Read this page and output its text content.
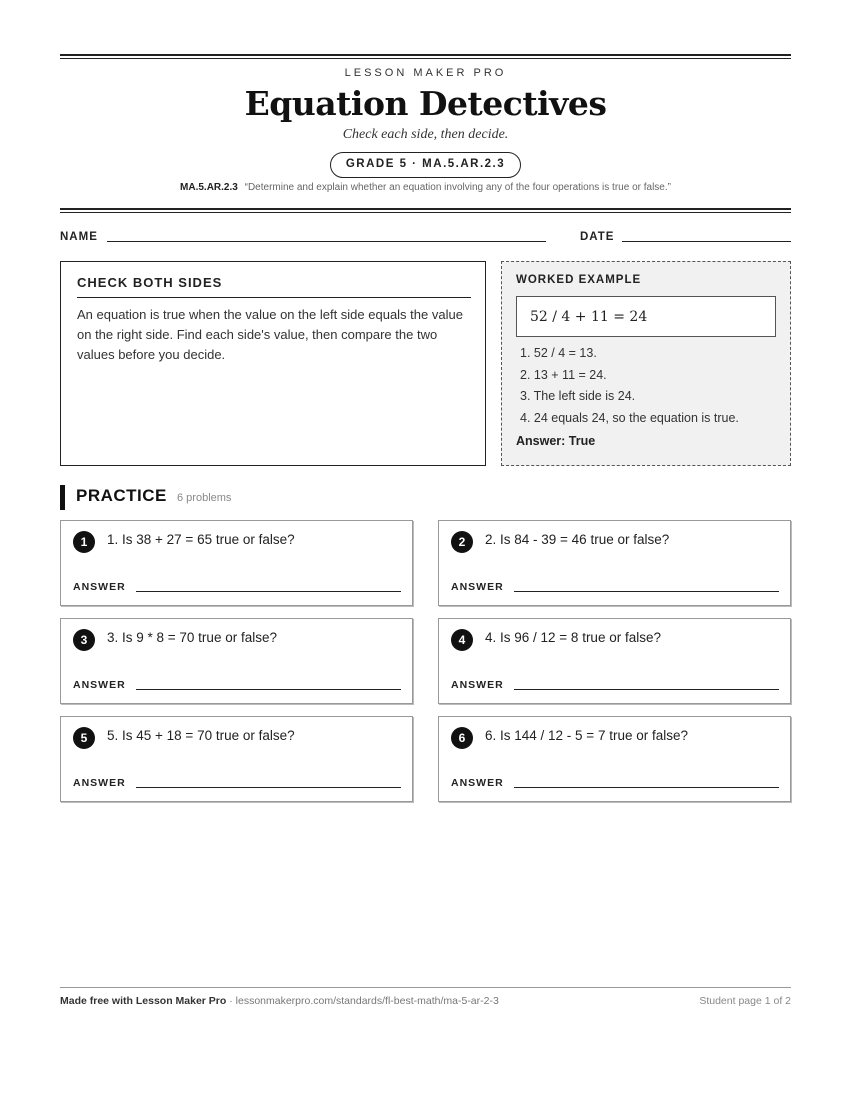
LESSON MAKER PRO
Equation Detectives
Check each side, then decide.
GRADE 5 · MA.5.AR.2.3
MA.5.AR.2.3 “Determine and explain whether an equation involving any of the four operations is true or false.”
NAME	DATE
CHECK BOTH SIDES
An equation is true when the value on the left side equals the value on the right side. Find each side's value, then compare the two values before you decide.
WORKED EXAMPLE
52 / 4 + 11 = 24
1. 52 / 4 = 13.
2. 13 + 11 = 24.
3. The left side is 24.
4. 24 equals 24, so the equation is true.
Answer: True
PRACTICE 6 problems
1	1. Is 38 + 27 = 65 true or false?
ANSWER
2	2. Is 84 - 39 = 46 true or false?
ANSWER
3	3. Is 9 * 8 = 70 true or false?
ANSWER
4	4. Is 96 / 12 = 8 true or false?
ANSWER
5	5. Is 45 + 18 = 70 true or false?
ANSWER
6	6. Is 144 / 12 - 5 = 7 true or false?
ANSWER
Made free with Lesson Maker Pro · lessonmakerpro.com/standards/fl-best-math/ma-5-ar-2-3	Student page 1 of 2
